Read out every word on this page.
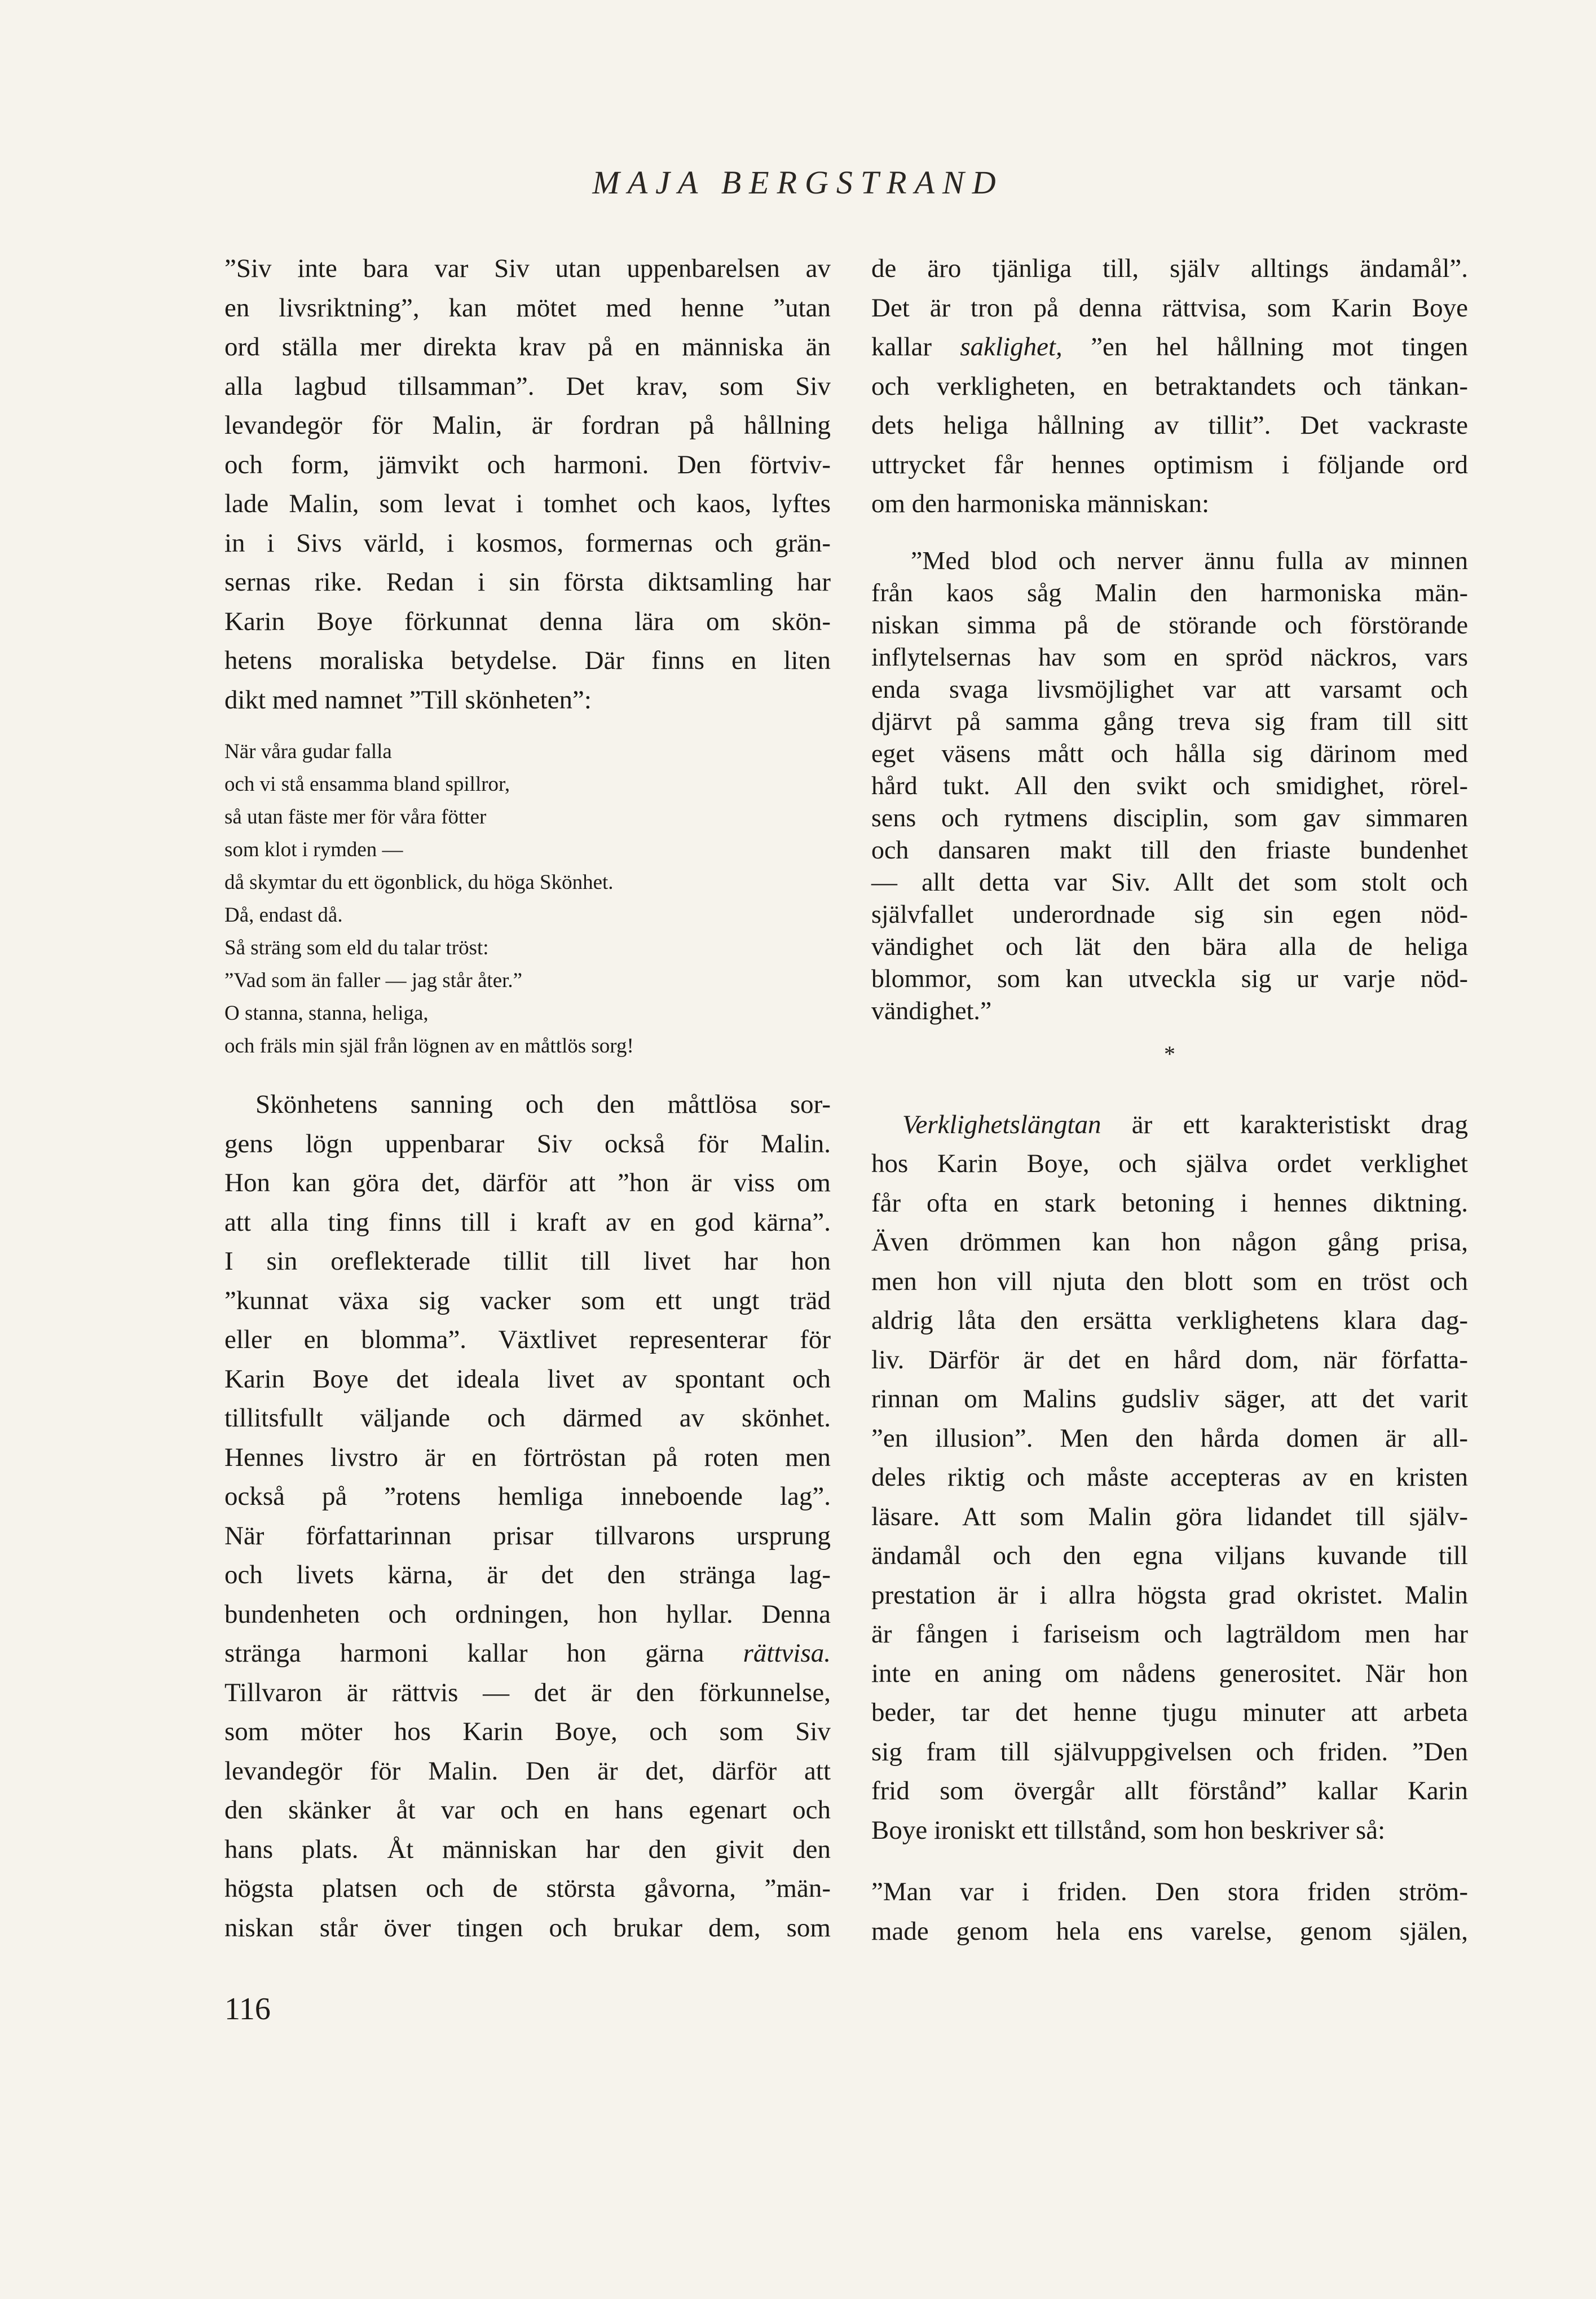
MAJA BERGSTRAND
”Siv inte bara var Siv utan uppenbarelsen av
en livsriktning”, kan mötet med henne ”utan
ord ställa mer direkta krav på en människa än
alla lagbud tillsamman”. Det krav, som Siv
levandegör för Malin, är fordran på hållning
och form, jämvikt och harmoni. Den förtviv-
lade Malin, som levat i tomhet och kaos, lyftes
in i Sivs värld, i kosmos, formernas och grän-
sernas rike. Redan i sin första diktsamling har
Karin Boye förkunnat denna lära om skön-
hetens moraliska betydelse. Där finns en liten
dikt med namnet ”Till skönheten”:
När våra gudar falla
och vi stå ensamma bland spillror,
så utan fäste mer för våra fötter
som klot i rymden —
då skymtar du ett ögonblick, du höga Skönhet.
Då, endast då.
Så sträng som eld du talar tröst:
”Vad som än faller — jag står åter.”
O stanna, stanna, heliga,
och fräls min själ från lögnen av en måttlös sorg!
Skönhetens sanning och den måttlösa sor-
gens lögn uppenbarar Siv också för Malin.
Hon kan göra det, därför att ”hon är viss om
att alla ting finns till i kraft av en god kärna”.
I sin oreflekterade tillit till livet har hon
”kunnat växa sig vacker som ett ungt träd
eller en blomma”. Växtlivet representerar för
Karin Boye det ideala livet av spontant och
tillitsfullt väljande och därmed av skönhet.
Hennes livstro är en förtröstan på roten men
också på ”rotens hemliga inneboende lag”.
När författarinnan prisar tillvarons ursprung
och livets kärna, är det den stränga lag-
bundenheten och ordningen, hon hyllar. Denna
stränga harmoni kallar hon gärna rättvisa.
Tillvaron är rättvis — det är den förkunnelse,
som möter hos Karin Boye, och som Siv
levandegör för Malin. Den är det, därför att
den skänker åt var och en hans egenart och
hans plats. Åt människan har den givit den
högsta platsen och de största gåvorna, ”män-
niskan står över tingen och brukar dem, som
de äro tjänliga till, själv alltings ändamål”.
Det är tron på denna rättvisa, som Karin Boye
kallar saklighet, ”en hel hållning mot tingen
och verkligheten, en betraktandets och tänkan-
dets heliga hållning av tillit”. Det vackraste
uttrycket får hennes optimism i följande ord
om den harmoniska människan:
”Med blod och nerver ännu fulla av minnen
från kaos såg Malin den harmoniska män-
niskan simma på de störande och förstörande
inflytelsernas hav som en spröd näckros, vars
enda svaga livsmöjlighet var att varsamt och
djärvt på samma gång treva sig fram till sitt
eget väsens mått och hålla sig därinom med
hård tukt. All den svikt och smidighet, rörel-
sens och rytmens disciplin, som gav simmaren
och dansaren makt till den friaste bundenhet
— allt detta var Siv. Allt det som stolt och
självfallet underordnade sig sin egen nöd-
vändighet och lät den bära alla de heliga
blommor, som kan utveckla sig ur varje nöd-
vändighet.”
*
Verklighetslängtan är ett karakteristiskt drag
hos Karin Boye, och själva ordet verklighet
får ofta en stark betoning i hennes diktning.
Även drömmen kan hon någon gång prisa,
men hon vill njuta den blott som en tröst och
aldrig låta den ersätta verklighetens klara dag-
liv. Därför är det en hård dom, när författa-
rinnan om Malins gudsliv säger, att det varit
”en illusion”. Men den hårda domen är all-
deles riktig och måste accepteras av en kristen
läsare. Att som Malin göra lidandet till själv-
ändamål och den egna viljans kuvande till
prestation är i allra högsta grad okristet. Malin
är fången i fariseism och lagträldom men har
inte en aning om nådens generositet. När hon
beder, tar det henne tjugu minuter att arbeta
sig fram till självuppgivelsen och friden. ”Den
frid som övergår allt förstånd” kallar Karin
Boye ironiskt ett tillstånd, som hon beskriver så:
”Man var i friden. Den stora friden ström-
made genom hela ens varelse, genom själen,
116
